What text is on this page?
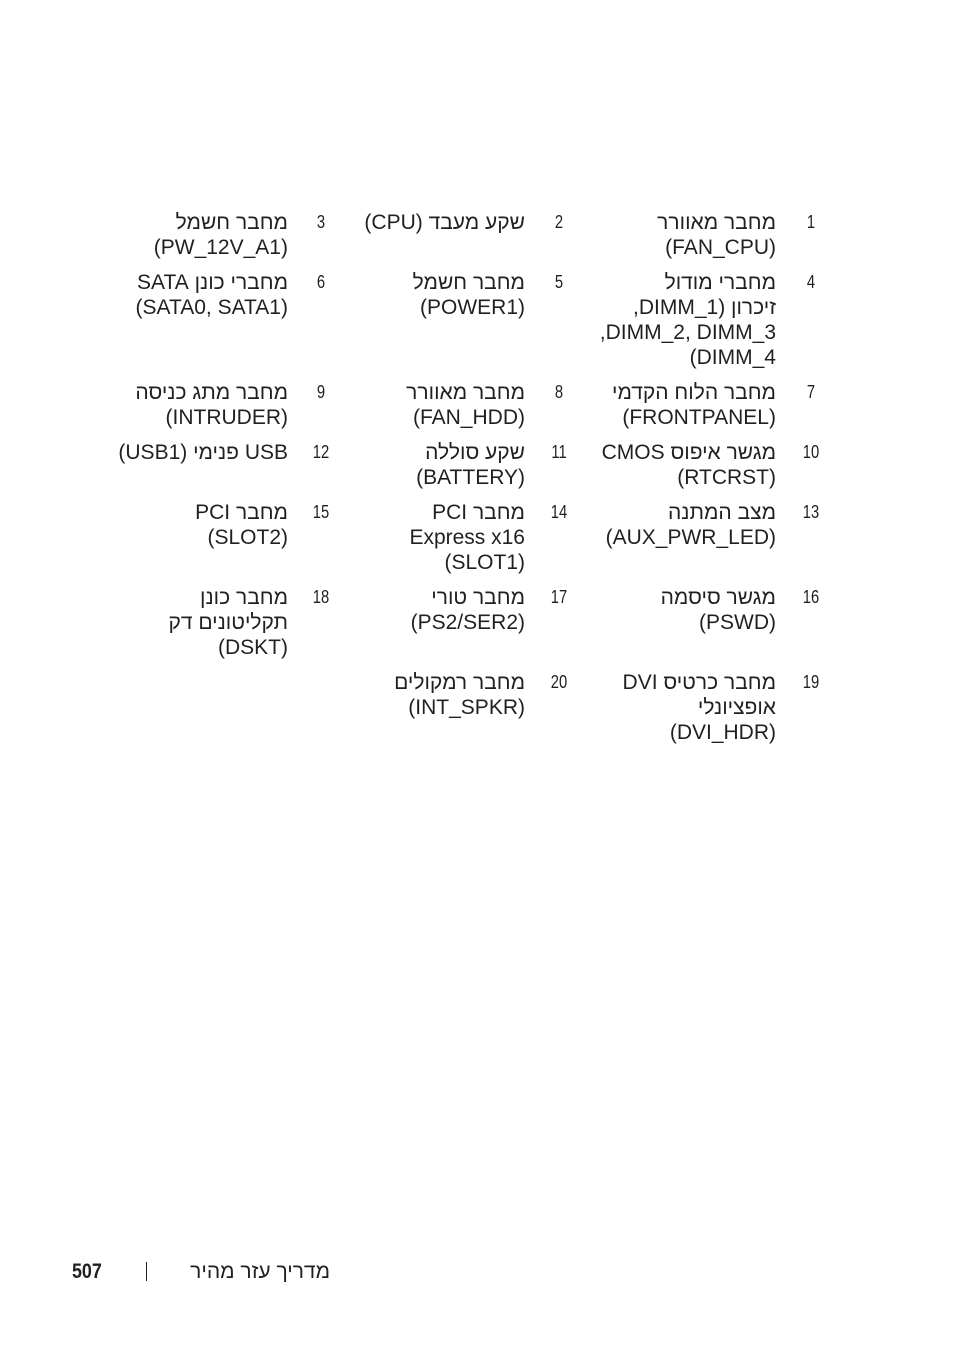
1
מחבר מאוורר
(FAN_CPU)
2
שקע מעבד (CPU)
3
מחבר חשמל
(PW_12V_A1)
4
מחברי מודול
זיכרון (DIMM_1,
DIMM_2, DIMM_3,
DIMM_4)
5
מחבר חשמל
(POWER1)
6
מחברי כונן SATA
(SATA0, SATA1)
7
מחבר הלוח הקדמי
(FRONTPANEL)
8
מחבר מאוורר
(FAN_HDD)
9
מחבר מתג כניסה
(INTRUDER)
10
מגשר איפוס CMOS
(RTCRST)
11
שקע סוללה
(BATTERY)
12
USB פנימי (USB1)
13
מצב המתנה
(AUX_PWR_LED)
14
מחבר PCI
Express x16
(SLOT1)
15
מחבר PCI
(SLOT2)
16
מגשר סיסמה
(PSWD)
17
מחבר טורי
(PS2/SER2)
18
מחבר כונן
תקליטונים דק
(DSKT)
19
מחבר כרטיס DVI
אופציונלי
(DVI_HDR)
20
מחבר רמקולים
(INT_SPKR)
507	מדריך עזר מהיר
